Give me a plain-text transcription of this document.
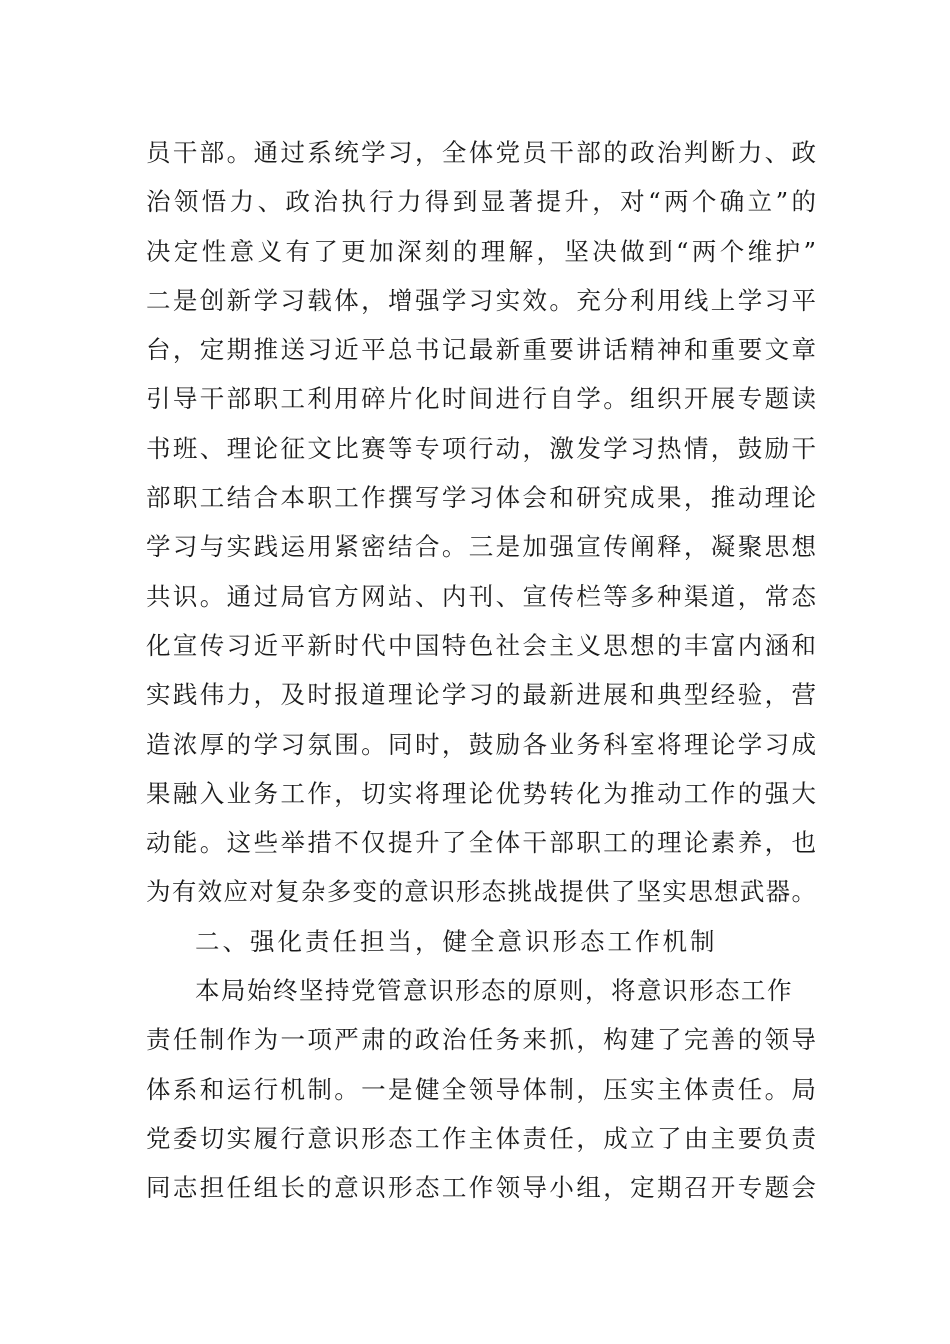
员干部。通过系统学习，全体党员干部的政治判断力、政
治领悟力、政治执行力得到显著提升，对“两个确立”的
决定性意义有了更加深刻的理解，坚决做到“两个维护”
二是创新学习载体，增强学习实效。充分利用线上学习平
台，定期推送习近平总书记最新重要讲话精神和重要文章
引导干部职工利用碎片化时间进行自学。组织开展专题读
书班、理论征文比赛等专项行动，激发学习热情，鼓励干
部职工结合本职工作撰写学习体会和研究成果，推动理论
学习与实践运用紧密结合。三是加强宣传阐释，凝聚思想
共识。通过局官方网站、内刊、宣传栏等多种渠道，常态
化宣传习近平新时代中国特色社会主义思想的丰富内涵和
实践伟力，及时报道理论学习的最新进展和典型经验，营
造浓厚的学习氛围。同时，鼓励各业务科室将理论学习成
果融入业务工作，切实将理论优势转化为推动工作的强大
动能。这些举措不仅提升了全体干部职工的理论素养，也
为有效应对复杂多变的意识形态挑战提供了坚实思想武器。
二、强化责任担当，健全意识形态工作机制
本局始终坚持党管意识形态的原则，将意识形态工作
责任制作为一项严肃的政治任务来抓，构建了完善的领导
体系和运行机制。一是健全领导体制，压实主体责任。局
党委切实履行意识形态工作主体责任，成立了由主要负责
同志担任组长的意识形态工作领导小组，定期召开专题会
